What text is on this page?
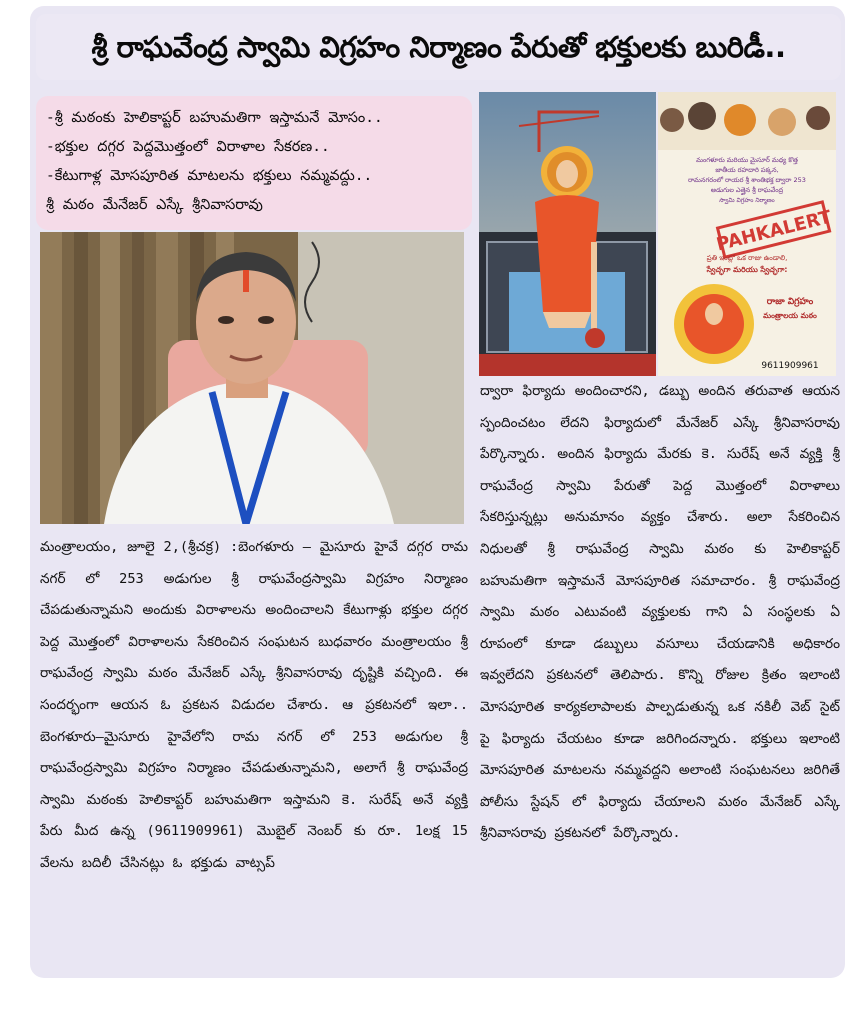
శ్రీ రాఘవేంద్ర స్వామి విగ్రహం నిర్మాణం పేరుతో భక్తులకు బురిడీ..
-శ్రీ మఠంకు హెలికాప్టర్ బహుమతిగా ఇస్తామనే మోసం..
-భక్తుల దగ్గర పెద్దమొత్తంలో విరాళాల సేకరణ..
-కేటుగాళ్ల మోసపూరిత మాటలను భక్తులు నమ్మవద్దు..
శ్రీ మఠం మేనేజర్ ఎస్కే శ్రీనివాసరావు
మంగళూరు మరియు మైసూర్ మధ్య కొత్త
జాతీయ రహదారి పక్కన,
రామనగరంలో రాయర శ్రీ శాంతిభక్త ద్వారా 253
అడుగుల ఎత్తైన శ్రీ రాఘవేంద్ర
స్వామి విగ్రహం నిర్మాణం
PAHKALERT
ప్రతి ఇంట్లో ఒక రాజు ఉండాలి,
స్వేచ్ఛగా మరియు స్వేచ్ఛగా:
రాజా విగ్రహం
మంత్రాలయ మఠం
9611909961
మంత్రాలయం, జూలై 2,(శ్రీచక్ర) :బెంగళూరు – మైసూరు హైవే దగ్గర రామ నగర్ లో 253 అడుగుల శ్రీ రాఘవేంద్రస్వామి విగ్రహం నిర్మాణం చేపడుతున్నామని అందుకు విరాళాలను అందించాలని కేటుగాళ్లు భక్తుల దగ్గర పెద్ద మొత్తంలో విరాళాలను సేకరించిన సంఘటన బుధవారం మంత్రాలయం శ్రీ రాఘవేంద్ర స్వామి మఠం మేనేజర్ ఎస్కే శ్రీనివాసరావు దృష్టికి వచ్చింది. ఈ సందర్భంగా ఆయన ఓ ప్రకటన విడుదల చేశారు. ఆ ప్రకటనలో ఇలా.. బెంగళూరు–మైసూరు హైవేలోని రామ నగర్ లో 253 అడుగుల శ్రీ రాఘవేంద్రస్వామి విగ్రహం నిర్మాణం చేపడుతున్నామని, అలాగే శ్రీ రాఘవేంద్ర స్వామి మఠంకు హెలికాప్టర్ బహుమతిగా ఇస్తామని కె. సురేష్ అనే వ్యక్తి పేరు మీద ఉన్న (9611909961) మొబైల్ నెంబర్ కు రూ. 1లక్ష 15 వేలను బదిలీ చేసినట్లు ఓ భక్తుడు వాట్సప్
ద్వారా ఫిర్యాదు అందించారని, డబ్బు అందిన తరువాత ఆయన స్పందించటం లేదని ఫిర్యాదులో మేనేజర్ ఎస్కే శ్రీనివాసరావు పేర్కొన్నారు. అందిన ఫిర్యాదు మేరకు కె. సురేష్ అనే వ్యక్తి శ్రీ రాఘవేంద్ర స్వామి పేరుతో పెద్ద మొత్తంలో విరాళాలు సేకరిస్తున్నట్లు అనుమానం వ్యక్తం చేశారు. అలా సేకరించిన నిధులతో శ్రీ రాఘవేంద్ర స్వామి మఠం కు హెలికాప్టర్ బహుమతిగా ఇస్తామనే మోసపూరిత సమాచారం. శ్రీ రాఘవేంద్ర స్వామి మఠం ఎటువంటి వ్యక్తులకు గాని ఏ సంస్థలకు ఏ రూపంలో కూడా డబ్బులు వసూలు చేయడానికి అధికారం ఇవ్వలేదని ప్రకటనలో తెలిపారు. కొన్ని రోజుల క్రితం ఇలాంటి మోసపూరిత కార్యకలాపాలకు పాల్పడుతున్న ఒక నకిలీ వెబ్ సైట్ పై ఫిర్యాదు చేయటం కూడా జరిగిందన్నారు. భక్తులు ఇలాంటి మోసపూరిత మాటలను నమ్మవద్దని అలాంటి సంఘటనలు జరిగితే పోలీసు స్టేషన్ లో ఫిర్యాదు చేయాలని మఠం మేనేజర్ ఎస్కే శ్రీనివాసరావు ప్రకటనలో పేర్కొన్నారు.
